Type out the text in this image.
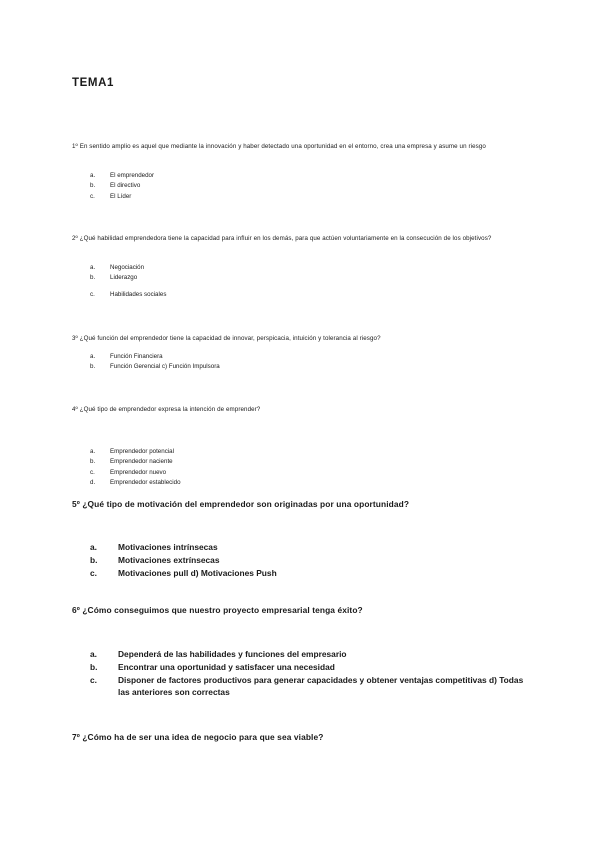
TEMA1
1º En sentido amplio es aquel que mediante la innovación y haber detectado una oportunidad en el entorno, crea una empresa y asume un riesgo
a.	El emprendedor
b.	El directivo
c.	El Líder
2º ¿Qué habilidad emprendedora tiene la capacidad para influir en los demás, para que actúen voluntariamente en la consecución de los objetivos?
a.	Negociación
b.	Liderazgo
c.	Habilidades sociales
3º ¿Qué función del emprendedor tiene la capacidad de innovar, perspicacia, intuición y tolerancia al riesgo?
a.	Función Financiera
b.	Función Gerencial c) Función Impulsora
4º ¿Qué tipo de emprendedor expresa la intención de emprender?
a.	Emprendedor potencial
b.	Emprendedor naciente
c.	Emprendedor nuevo
d.	Emprendedor establecido
5º ¿Qué tipo de motivación del emprendedor son originadas por una oportunidad?
a.	Motivaciones intrínsecas
b.	Motivaciones extrínsecas
c.	Motivaciones pull d) Motivaciones Push
6º ¿Cómo conseguimos que nuestro proyecto empresarial tenga éxito?
a.	Dependerá de las habilidades y funciones del empresario
b.	Encontrar una oportunidad y satisfacer una necesidad
c.	Disponer de factores productivos para generar capacidades y obtener ventajas competitivas d) Todas las anteriores son correctas
7º ¿Cómo ha de ser una idea de negocio para que sea viable?
